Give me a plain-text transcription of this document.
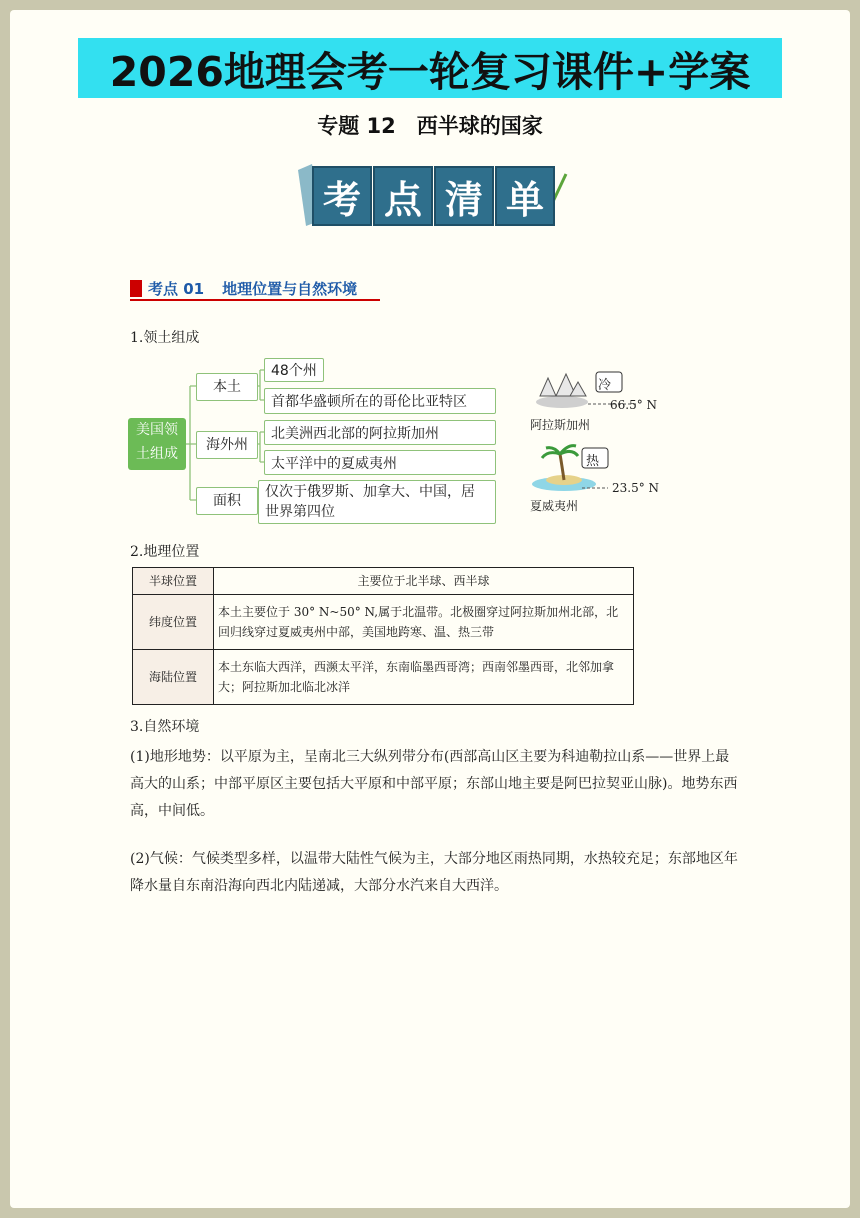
2026地理会考一轮复习课件+学案
专题 12　西半球的国家
考 点 清 单
考点 01 地理位置与自然环境
1.领土组成
美国领
土组成
本土
海外州
面积
48个州
首都华盛顿所在的哥伦比亚特区
北美洲西北部的阿拉斯加州
太平洋中的夏威夷州
仅次于俄罗斯、加拿大、中国，居
世界第四位
冷
66.5° N
阿拉斯加州
热
23.5° N
夏威夷州
2.地理位置
半球位置	主要位于北半球、西半球
纬度位置	本土主要位于 30° N~50° N,属于北温带。北极圈穿过阿拉斯加州北部，北回归线穿过夏威夷州中部，美国地跨寒、温、热三带
海陆位置	本土东临大西洋，西濒太平洋，东南临墨西哥湾；西南邻墨西哥，北邻加拿大；阿拉斯加北临北冰洋
3.自然环境
(1)地形地势：以平原为主，呈南北三大纵列带分布(西部高山区主要为科迪勒拉山系——世界上最高大的山系；中部平原区主要包括大平原和中部平原；东部山地主要是阿巴拉契亚山脉)。地势东西高，中间低。
(2)气候：气候类型多样，以温带大陆性气候为主，大部分地区雨热同期，水热较充足；东部地区年降水量自东南沿海向西北内陆递减，大部分水汽来自大西洋。
